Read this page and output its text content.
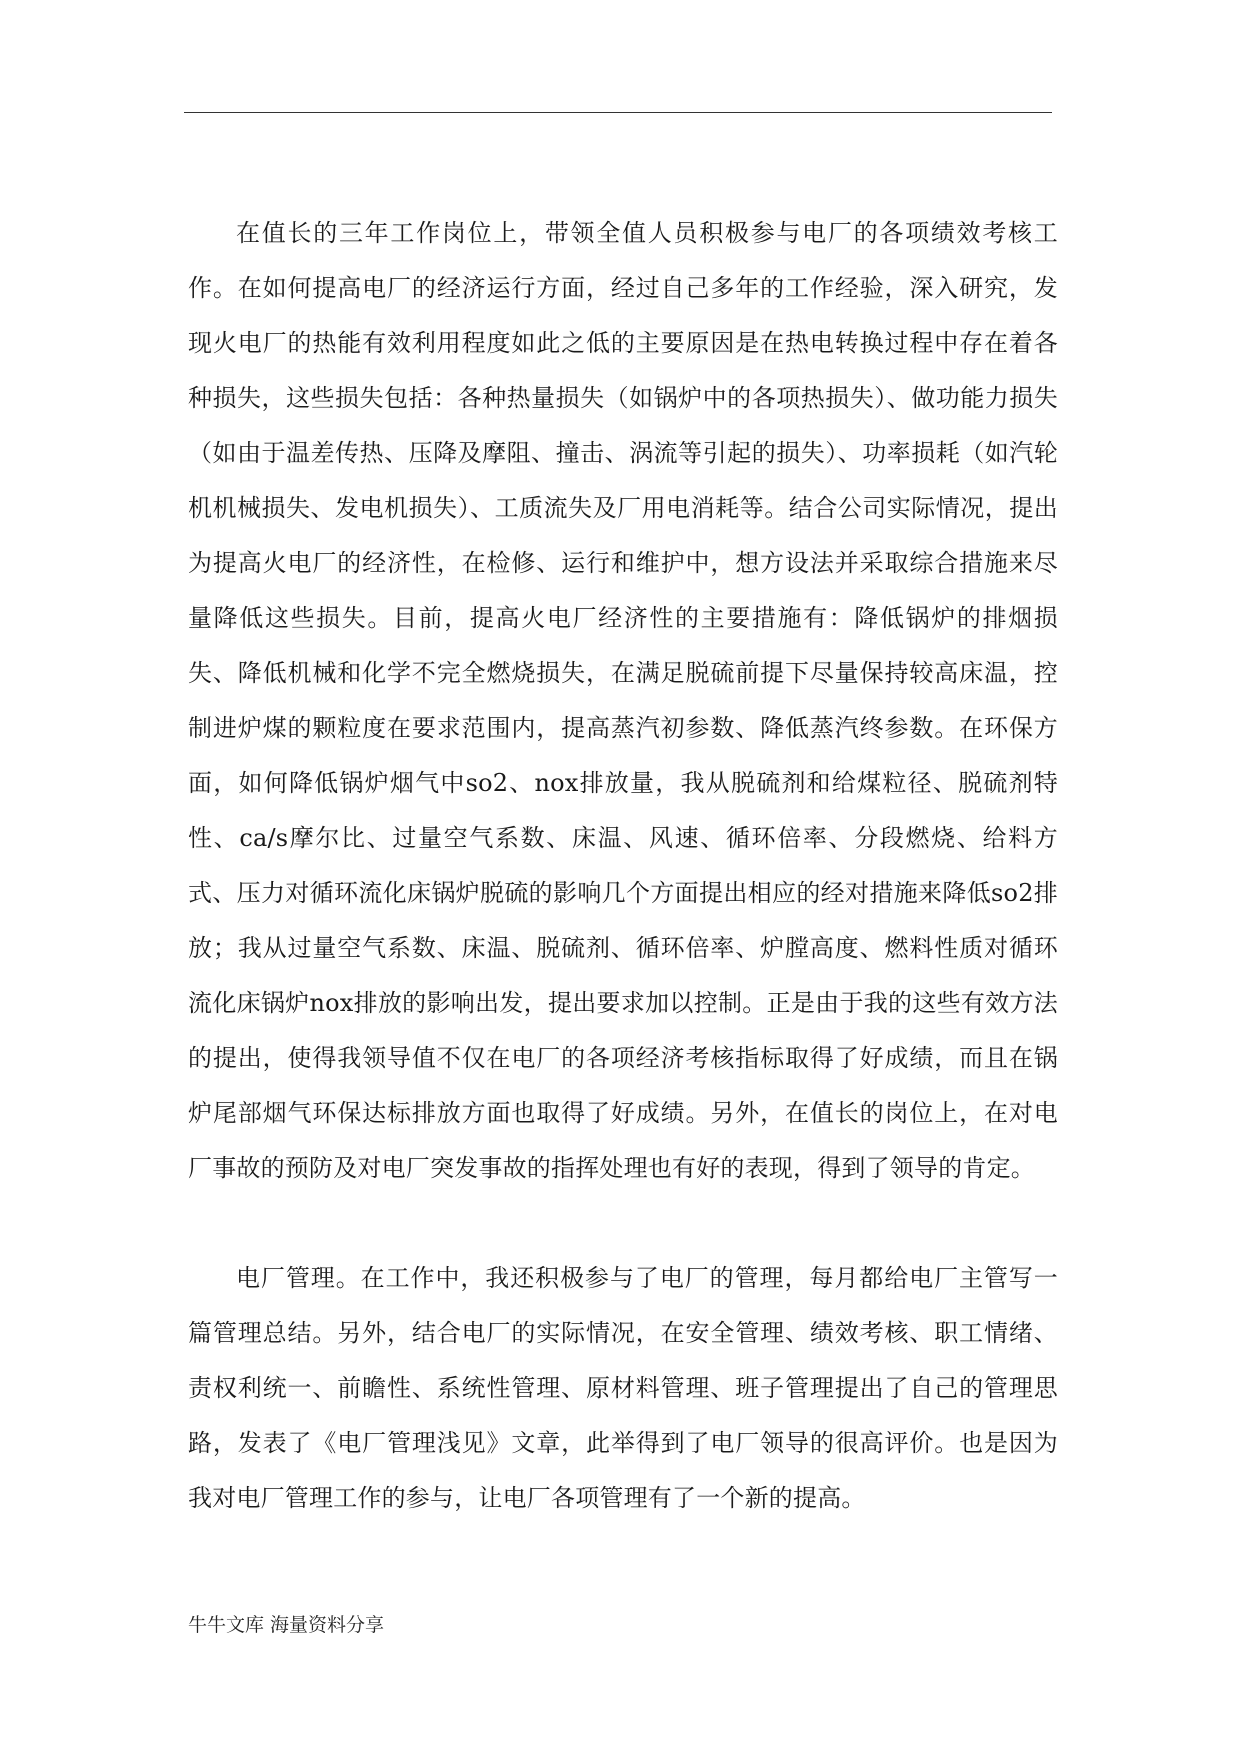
在值长的三年工作岗位上，带领全值人员积极参与电厂的各项绩效考核工作。在如何提高电厂的经济运行方面，经过自己多年的工作经验，深入研究，发现火电厂的热能有效利用程度如此之低的主要原因是在热电转换过程中存在着各种损失，这些损失包括：各种热量损失（如锅炉中的各项热损失）、做功能力损失（如由于温差传热、压降及摩阻、撞击、涡流等引起的损失）、功率损耗（如汽轮机机械损失、发电机损失）、工质流失及厂用电消耗等。结合公司实际情况，提出为提高火电厂的经济性，在检修、运行和维护中，想方设法并采取综合措施来尽量降低这些损失。目前，提高火电厂经济性的主要措施有：降低锅炉的排烟损失、降低机械和化学不完全燃烧损失，在满足脱硫前提下尽量保持较高床温，控制进炉煤的颗粒度在要求范围内，提高蒸汽初参数、降低蒸汽终参数。在环保方面，如何降低锅炉烟气中so2、nox排放量，我从脱硫剂和给煤粒径、脱硫剂特性、ca/s摩尔比、过量空气系数、床温、风速、循环倍率、分段燃烧、给料方式、压力对循环流化床锅炉脱硫的影响几个方面提出相应的经对措施来降低so2排放；我从过量空气系数、床温、脱硫剂、循环倍率、炉膛高度、燃料性质对循环流化床锅炉nox排放的影响出发，提出要求加以控制。正是由于我的这些有效方法的提出，使得我领导值不仅在电厂的各项经济考核指标取得了好成绩，而且在锅炉尾部烟气环保达标排放方面也取得了好成绩。另外，在值长的岗位上，在对电厂事故的预防及对电厂突发事故的指挥处理也有好的表现，得到了领导的肯定。

电厂管理。在工作中，我还积极参与了电厂的管理，每月都给电厂主管写一篇管理总结。另外，结合电厂的实际情况，在安全管理、绩效考核、职工情绪、责权利统一、前瞻性、系统性管理、原材料管理、班子管理提出了自己的管理思路，发表了《电厂管理浅见》文章，此举得到了电厂领导的很高评价。也是因为我对电厂管理工作的参与，让电厂各项管理有了一个新的提高。

牛牛文库 海量资料分享
